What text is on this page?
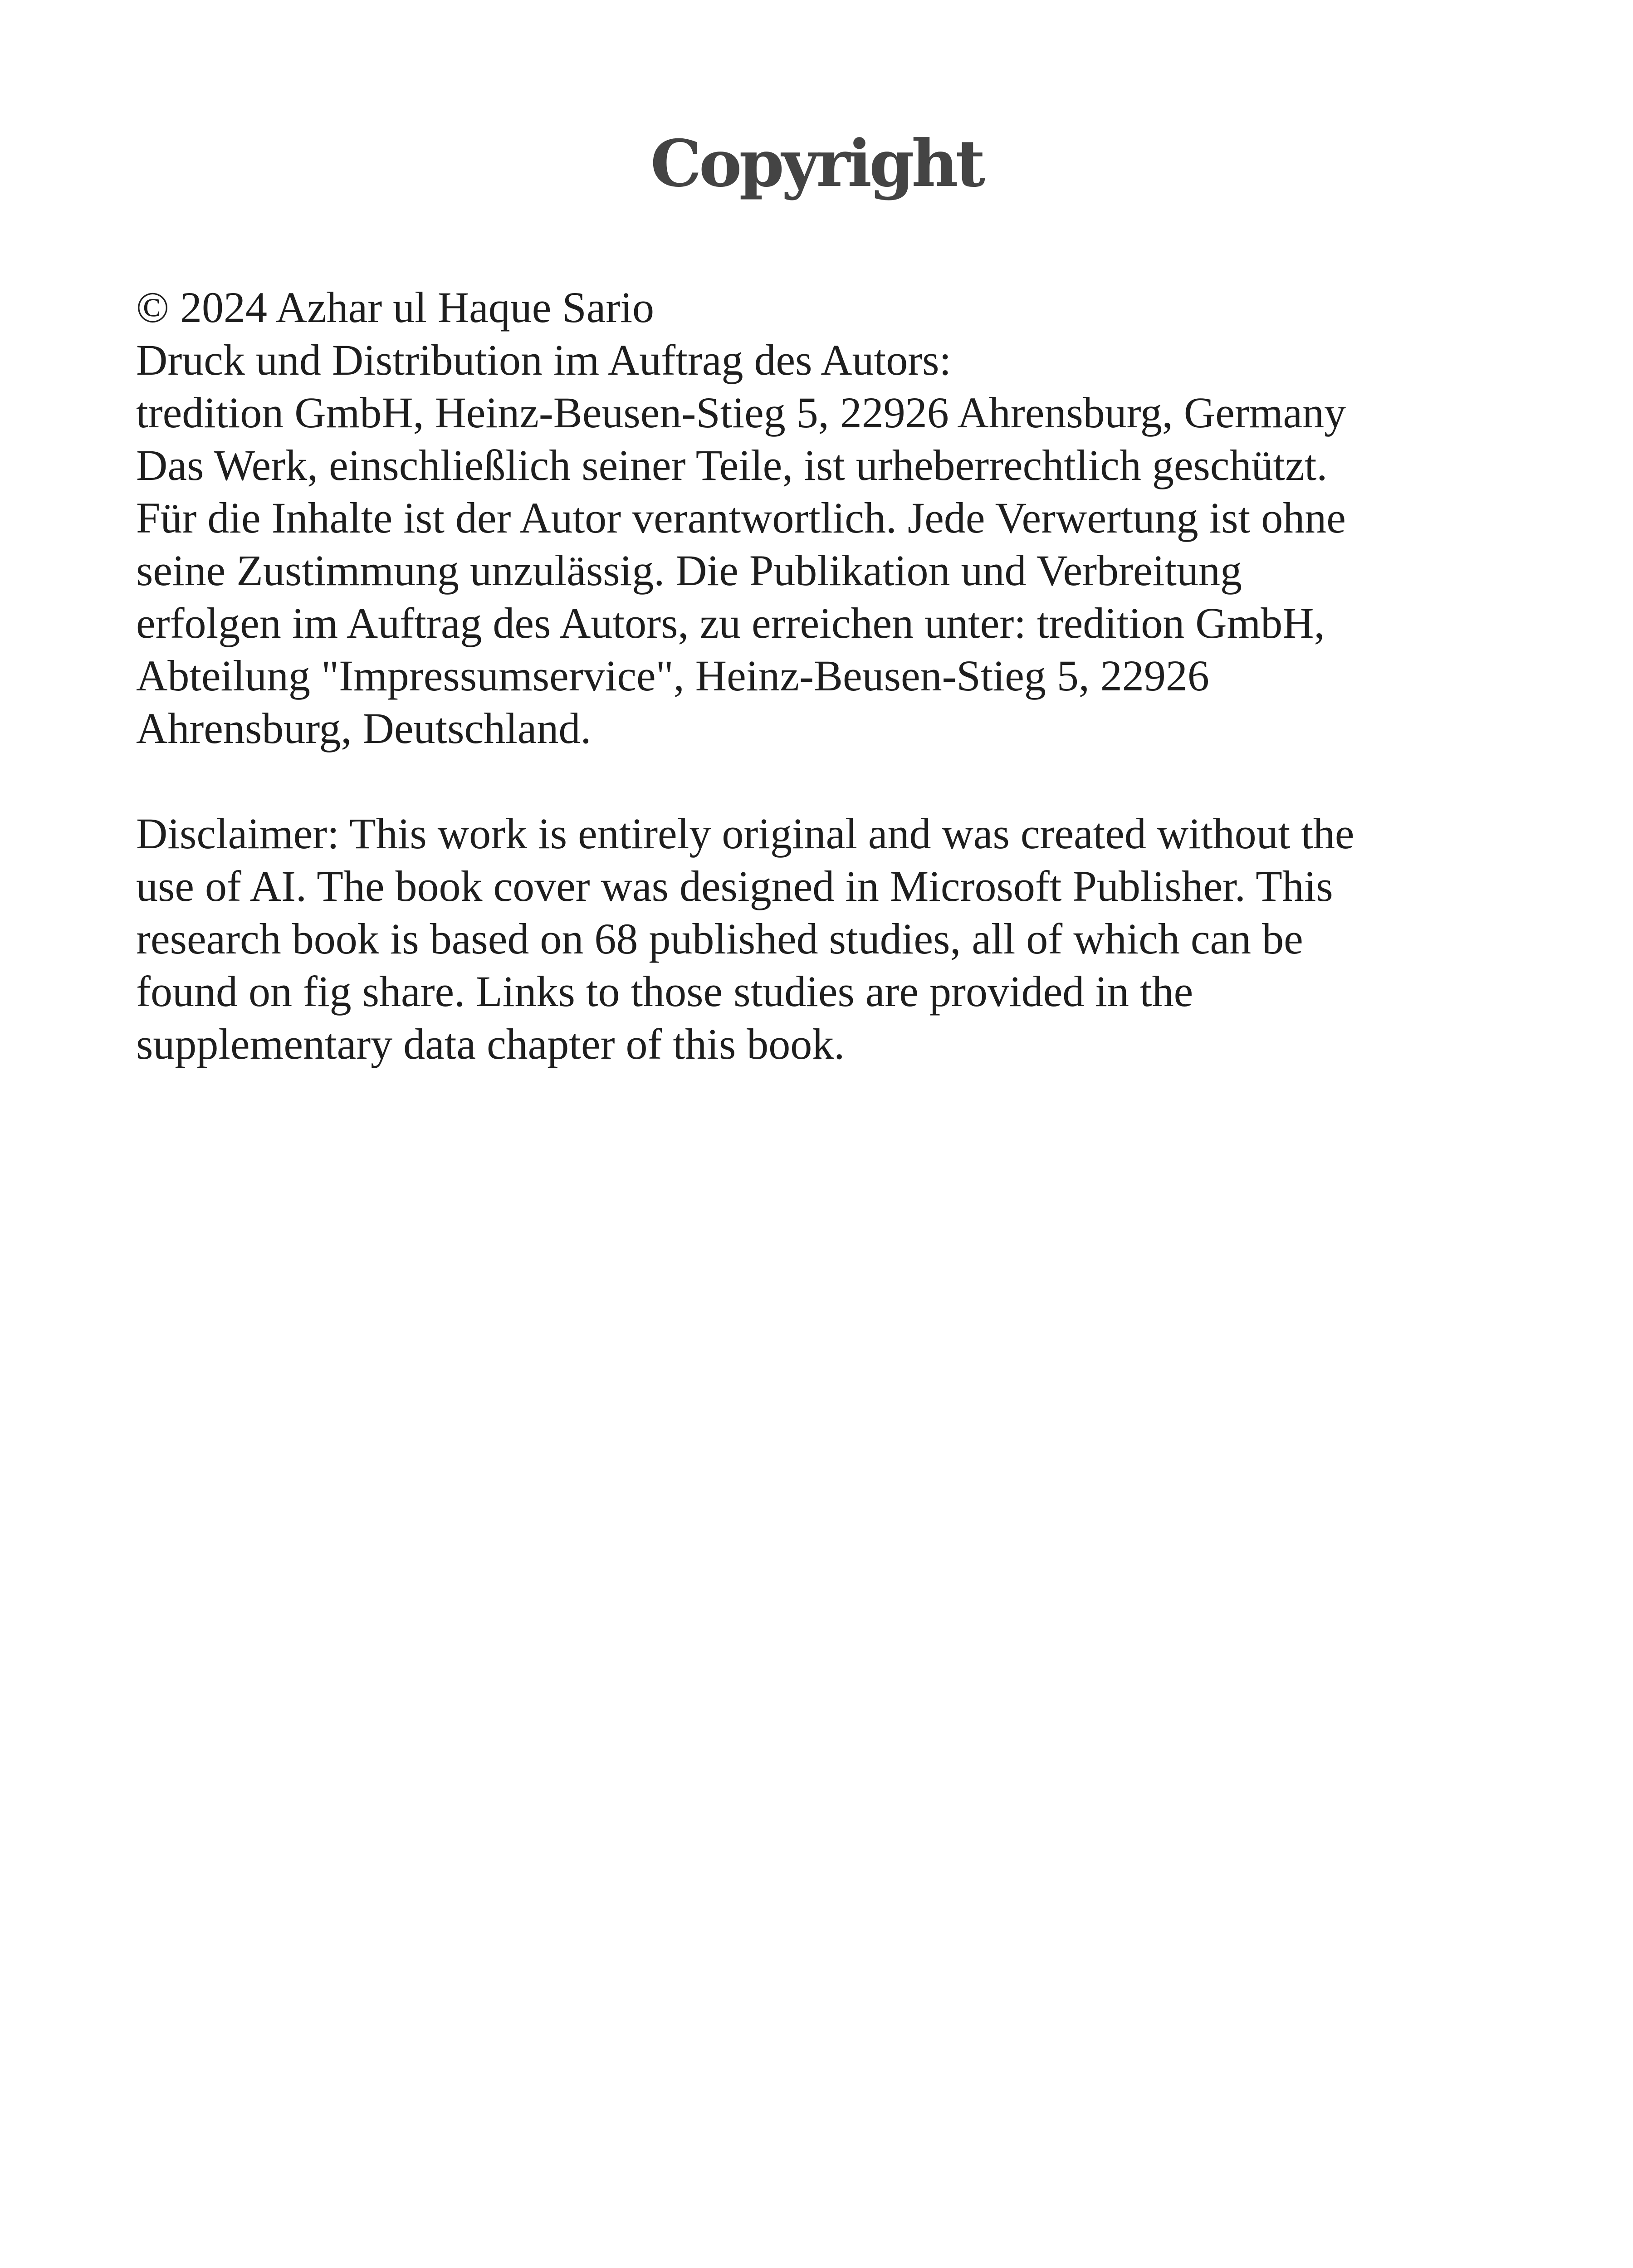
Copyright
© 2024 Azhar ul Haque Sario
Druck und Distribution im Auftrag des Autors:
tredition GmbH, Heinz-Beusen-Stieg 5, 22926 Ahrensburg, Germany
Das Werk, einschließlich seiner Teile, ist urheberrechtlich geschützt.
Für die Inhalte ist der Autor verantwortlich. Jede Verwertung ist ohne
seine Zustimmung unzulässig. Die Publikation und Verbreitung
erfolgen im Auftrag des Autors, zu erreichen unter: tredition GmbH,
Abteilung "Impressumservice", Heinz-Beusen-Stieg 5, 22926
Ahrensburg, Deutschland.
Disclaimer: This work is entirely original and was created without the
use of AI. The book cover was designed in Microsoft Publisher. This
research book is based on 68 published studies, all of which can be
found on fig share. Links to those studies are provided in the
supplementary data chapter of this book.
